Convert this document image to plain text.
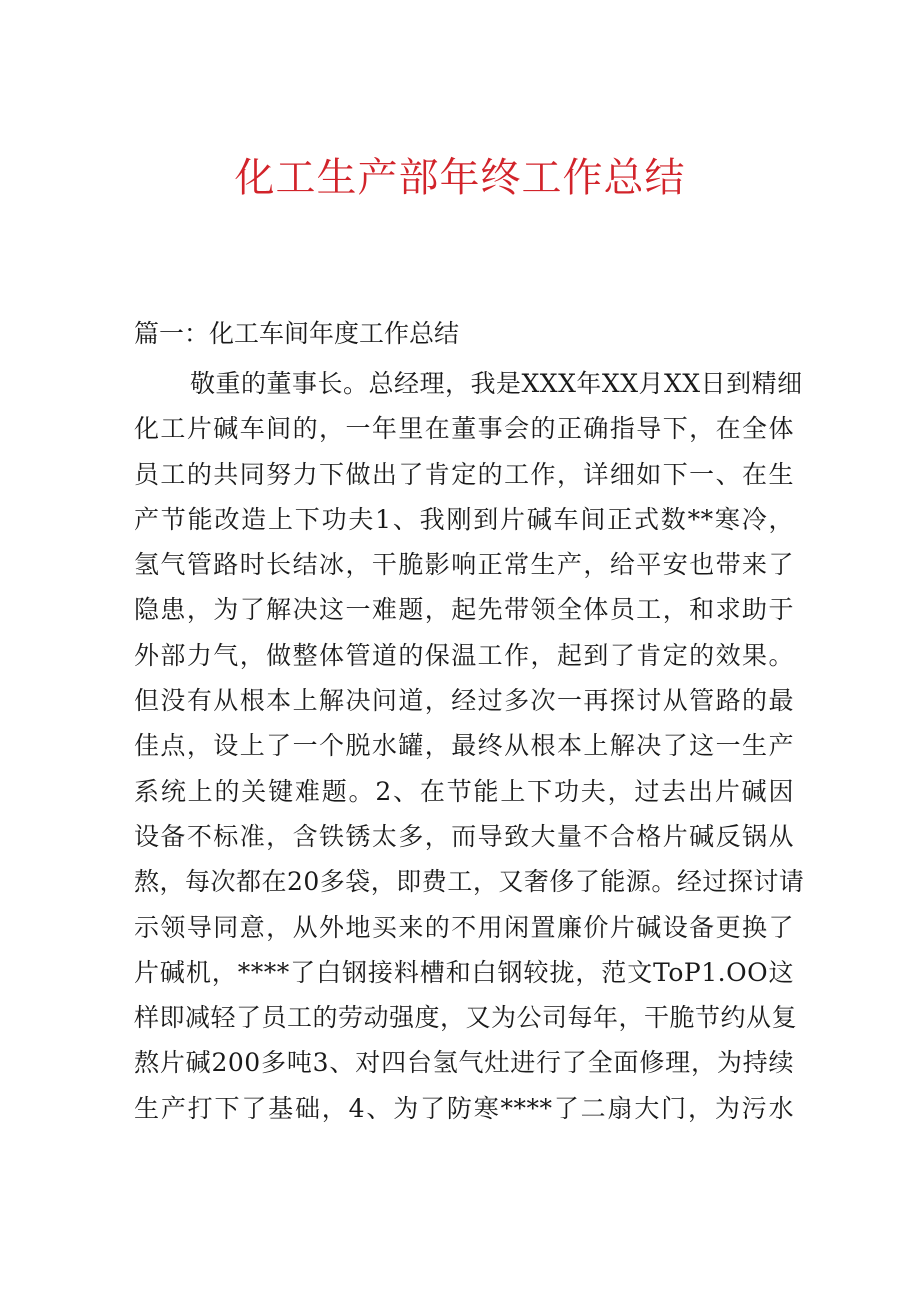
化工生产部年终工作总结
篇一：化工车间年度工作总结
敬重的董事长。总经理，我是XXX年XX月XX日到精细
化工片碱车间的，一年里在董事会的正确指导下，在全体
员工的共同努力下做出了肯定的工作，详细如下一、在生
产节能改造上下功夫1、我刚到片碱车间正式数**寒冷，
氢气管路时长结冰，干脆影响正常生产，给平安也带来了
隐患，为了解决这一难题，起先带领全体员工，和求助于
外部力气，做整体管道的保温工作，起到了肯定的效果。
但没有从根本上解决问道，经过多次一再探讨从管路的最
佳点，设上了一个脱水罐，最终从根本上解决了这一生产
系统上的关键难题。2、在节能上下功夫，过去出片碱因
设备不标准，含铁锈太多，而导致大量不合格片碱反锅从
熬，每次都在20多袋，即费工，又奢侈了能源。经过探讨请
示领导同意，从外地买来的不用闲置廉价片碱设备更换了
片碱机，****了白钢接料槽和白钢较拢，范文ToP1.OO这
样即减轻了员工的劳动强度，又为公司每年，干脆节约从复
熬片碱200多吨3、对四台氢气灶进行了全面修理，为持续
生产打下了基础，4、为了防寒****了二扇大门，为污水
